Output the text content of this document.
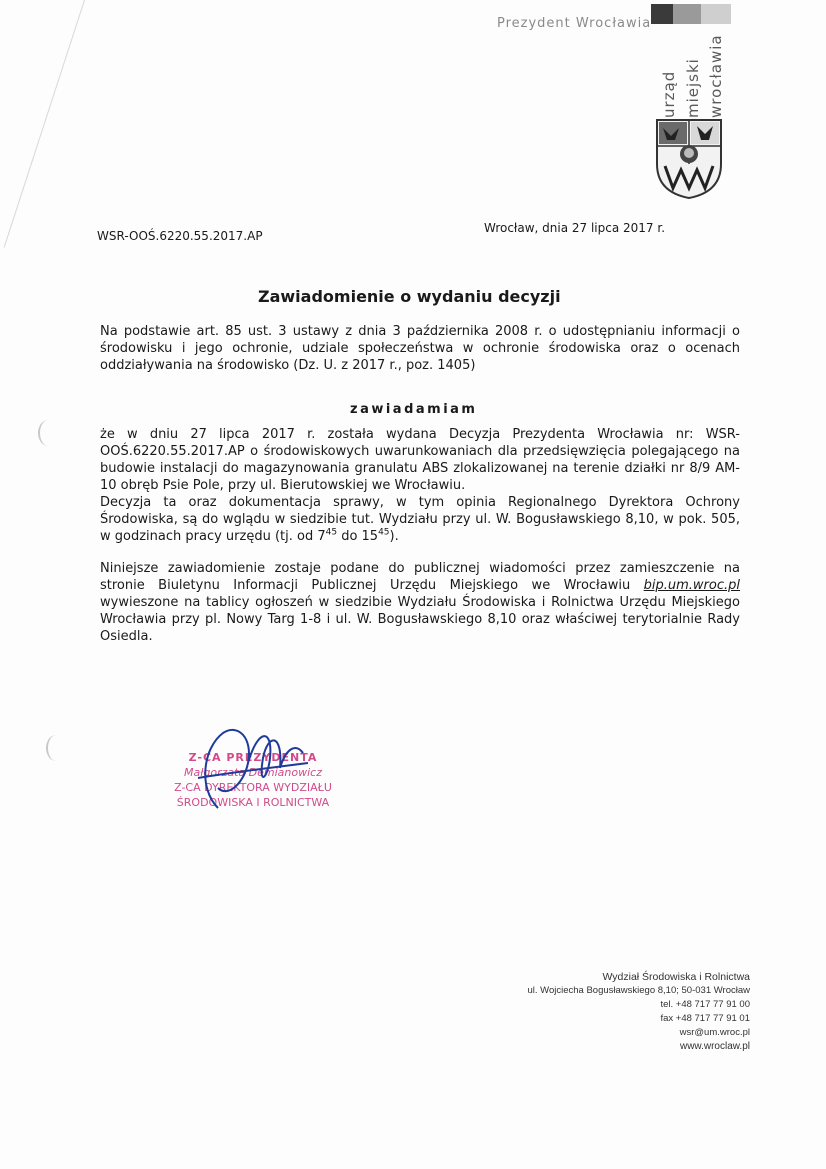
Prezydent Wrocławia
urząd miejski wrocławia
WSR-OOŚ.6220.55.2017.AP
Wrocław, dnia 27 lipca 2017 r.
Zawiadomienie o wydaniu decyzji
Na podstawie art. 85 ust. 3 ustawy z dnia 3 października 2008 r. o udostępnianiu informacji o środowisku i jego ochronie, udziale społeczeństwa w ochronie środowiska oraz o ocenach oddziaływania na środowisko (Dz. U. z 2017 r., poz. 1405)
zawiadamiam
że w dniu 27 lipca 2017 r. została wydana Decyzja Prezydenta Wrocławia nr: WSR-OOŚ.6220.55.2017.AP o środowiskowych uwarunkowaniach dla przedsięwzięcia polegającego na budowie instalacji do magazynowania granulatu ABS zlokalizowanej na terenie działki nr 8/9 AM-10 obręb Psie Pole, przy ul. Bierutowskiej we Wrocławiu.
Decyzja ta oraz dokumentacja sprawy, w tym opinia Regionalnego Dyrektora Ochrony Środowiska, są do wglądu w siedzibie tut. Wydziału przy ul. W. Bogusławskiego 8,10, w pok. 505, w godzinach pracy urzędu (tj. od $7^{45}$ do $15^{45}$).
Niniejsze zawiadomienie zostaje podane do publicznej wiadomości przez zamieszczenie na stronie Biuletynu Informacji Publicznej Urzędu Miejskiego we Wrocławiu bip.um.wroc.pl wywieszone na tablicy ogłoszeń w siedzibie Wydziału Środowiska i Rolnictwa Urzędu Miejskiego Wrocławia przy pl. Nowy Targ 1-8 i ul. W. Bogusławskiego 8,10 oraz właściwej terytorialnie Rady Osiedla.
Z-CA PREZYDENTA
Małgorzata Demianowicz
Z-CA DYREKTORA WYDZIAŁU
ŚRODOWISKA I ROLNICTWA
Wydział Środowiska i Rolnictwa
ul. Wojciecha Bogusławskiego 8,10; 50-031 Wrocław
tel. +48 717 77 91 00
fax +48 717 77 91 01
wsr@um.wroc.pl
www.wroclaw.pl
